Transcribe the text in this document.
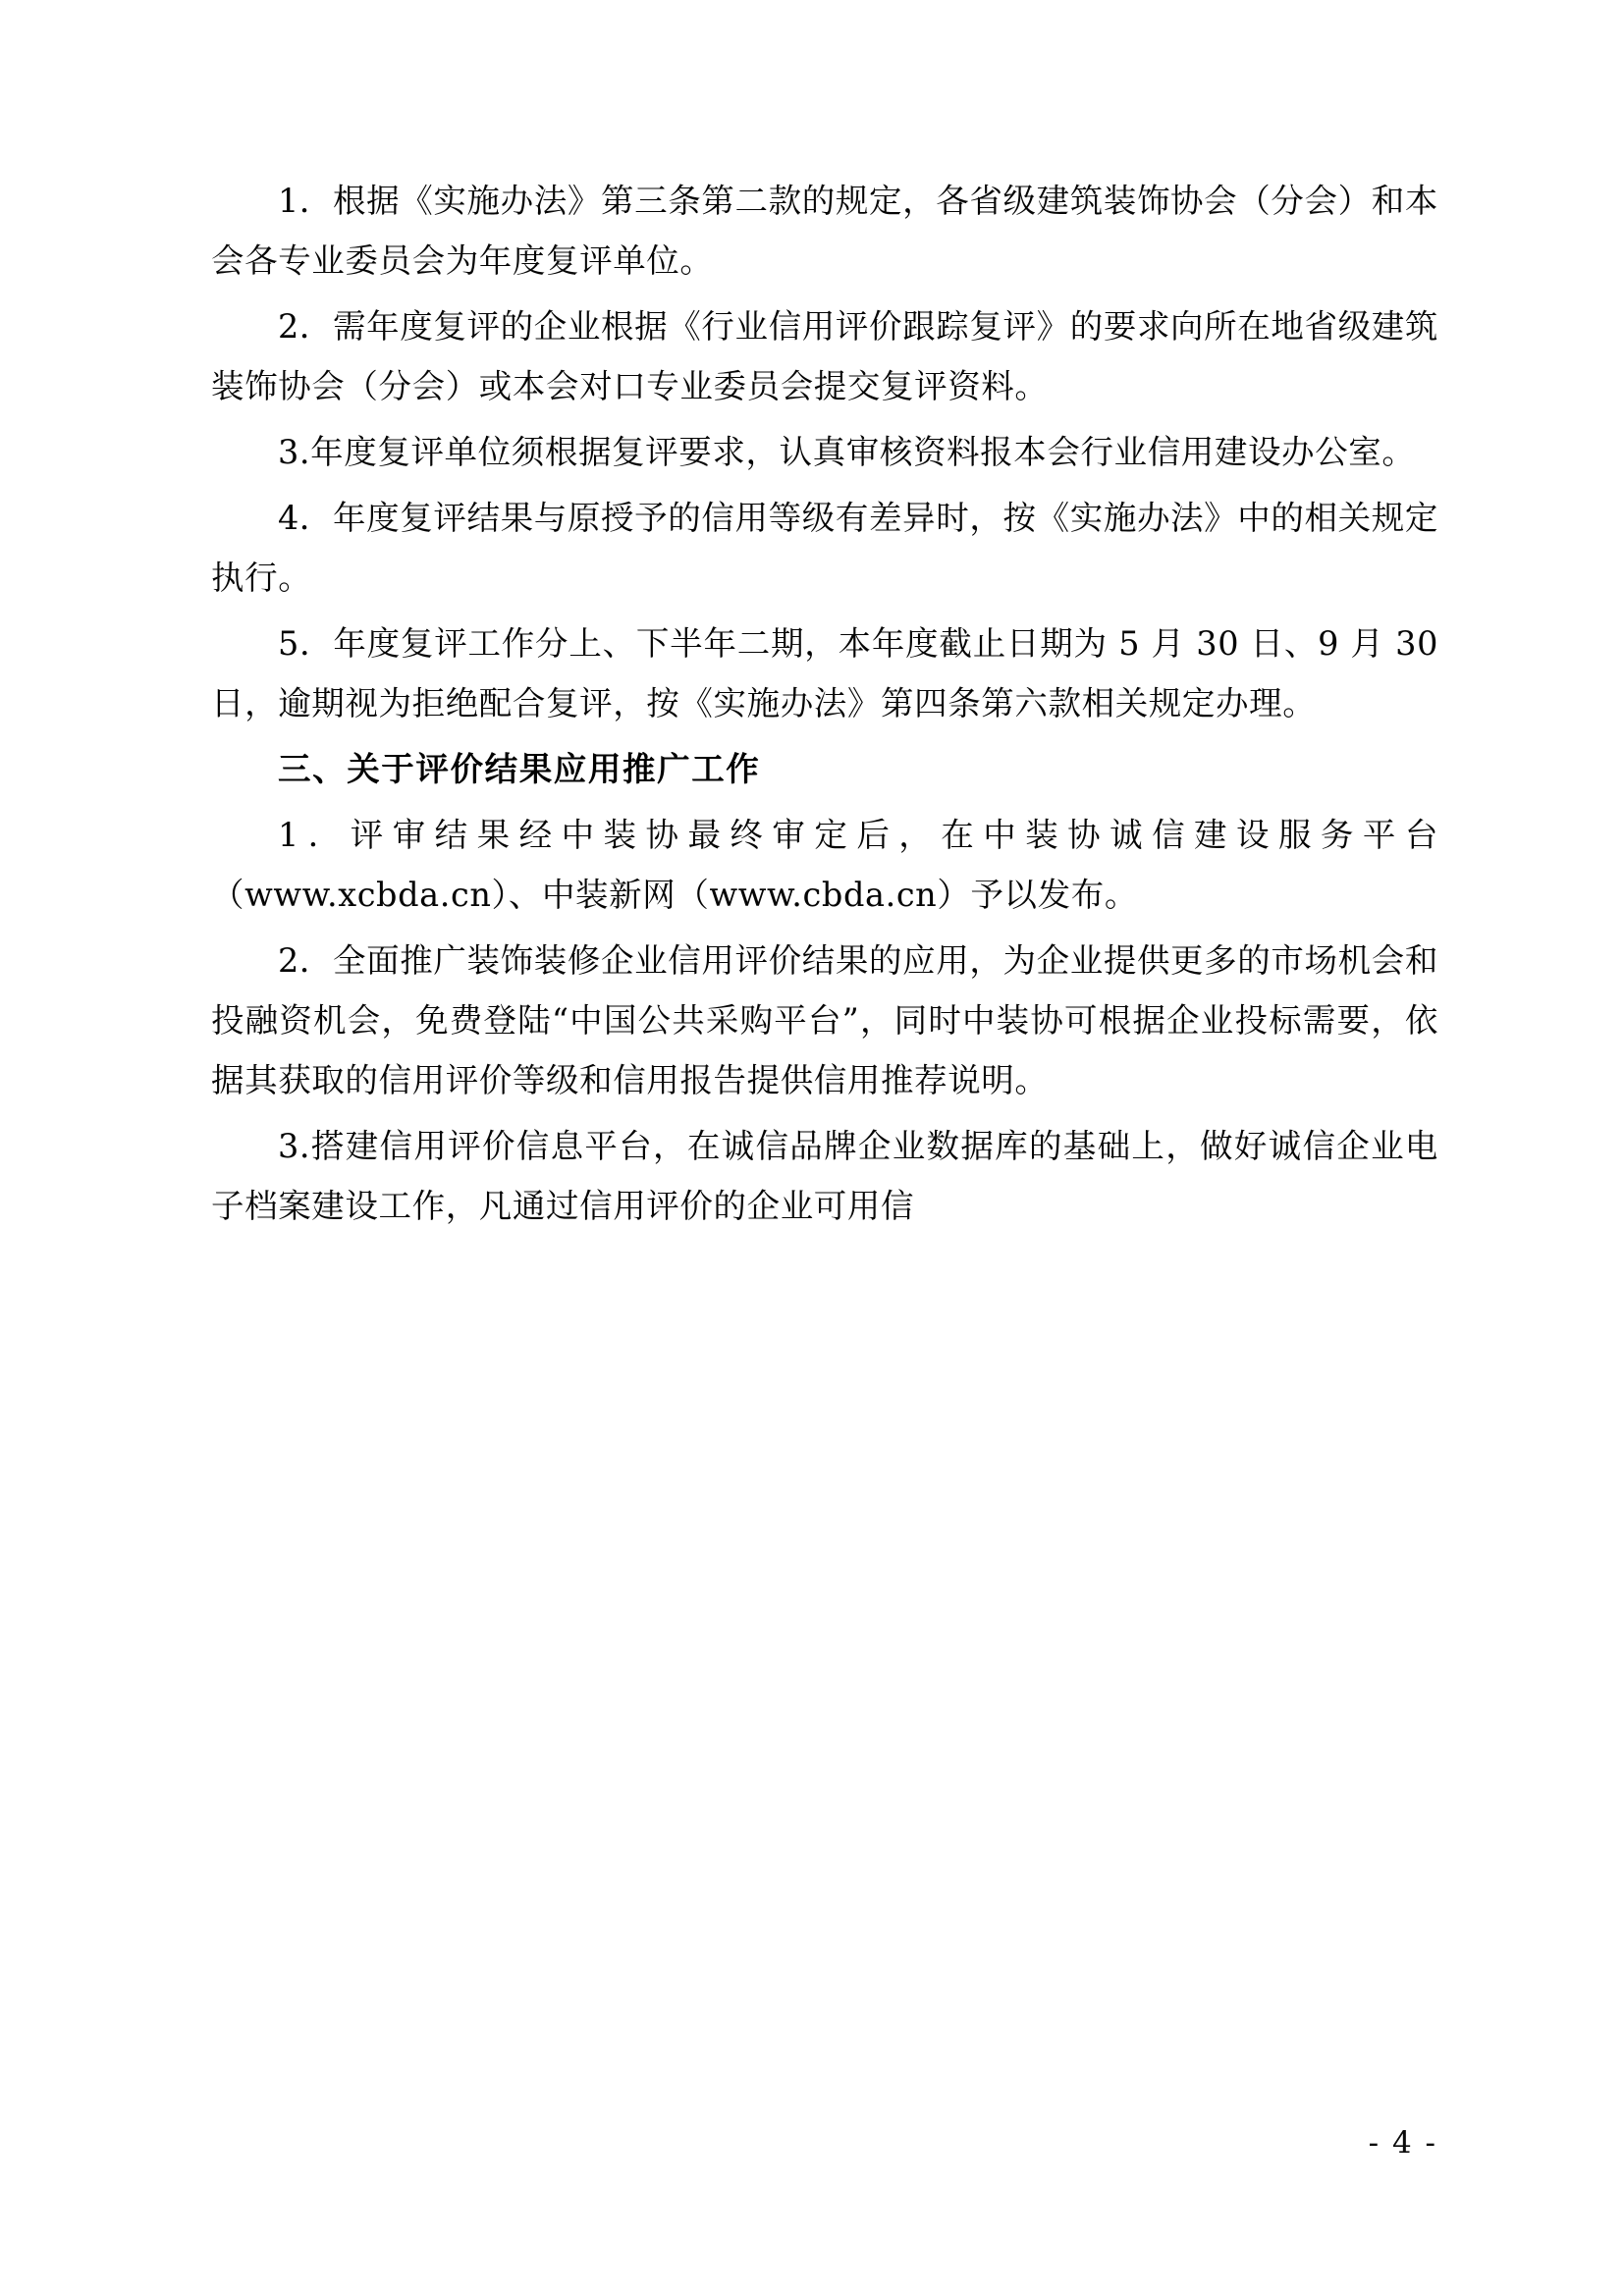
1．根据《实施办法》第三条第二款的规定，各省级建筑装饰协会（分会）和本会各专业委员会为年度复评单位。

2．需年度复评的企业根据《行业信用评价跟踪复评》的要求向所在地省级建筑装饰协会（分会）或本会对口专业委员会提交复评资料。

3.年度复评单位须根据复评要求，认真审核资料报本会行业信用建设办公室。

4．年度复评结果与原授予的信用等级有差异时，按《实施办法》中的相关规定执行。

5．年度复评工作分上、下半年二期，本年度截止日期为 5 月 30 日、9 月 30 日，逾期视为拒绝配合复评，按《实施办法》第四条第六款相关规定办理。

三、关于评价结果应用推广工作

1．评审结果经中装协最终审定后，在中装协诚信建设服务平台（www.xcbda.cn）、中装新网（www.cbda.cn）予以发布。

2．全面推广装饰装修企业信用评价结果的应用，为企业提供更多的市场机会和投融资机会，免费登陆“中国公共采购平台”，同时中装协可根据企业投标需要，依据其获取的信用评价等级和信用报告提供信用推荐说明。

3.搭建信用评价信息平台，在诚信品牌企业数据库的基础上，做好诚信企业电子档案建设工作，凡通过信用评价的企业可用信

- 4 -
